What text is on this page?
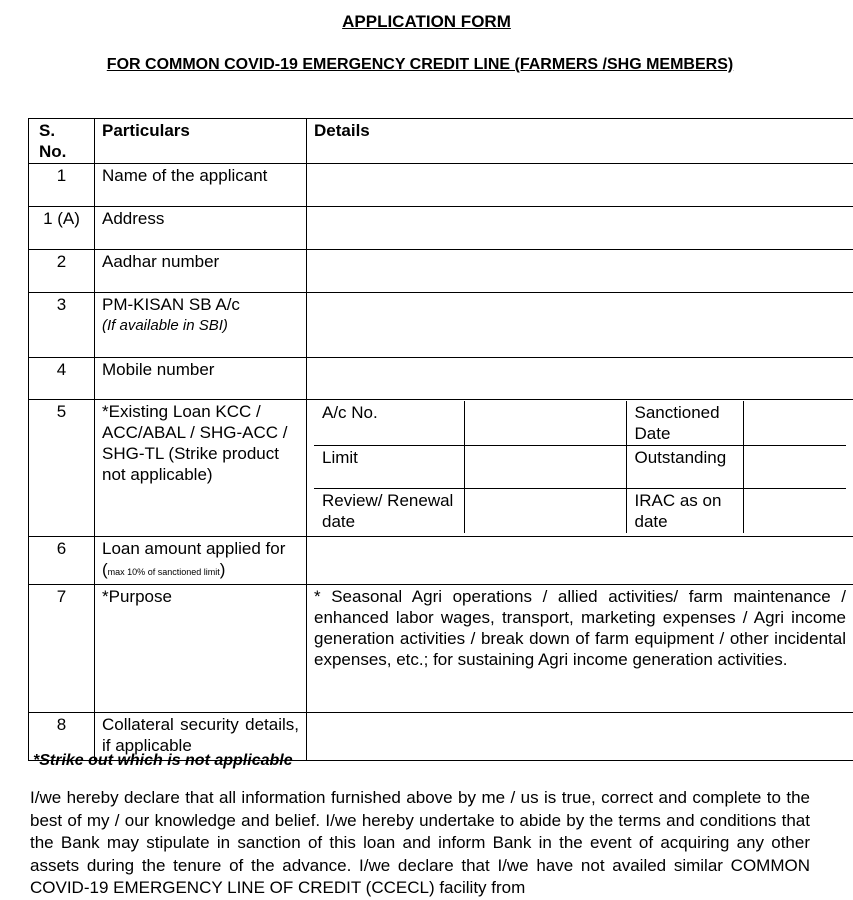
APPLICATION FORM
FOR COMMON COVID-19 EMERGENCY CREDIT LINE (FARMERS /SHG MEMBERS)
S. No.	Particulars	Details
1	Name of the applicant	
1 (A)	Address	
2	Aadhar number	
3	PM-KISAN SB A/c
(If available in SBI)

4	Mobile number	
5	*Existing Loan KCC / ACC/ABAL / SHG-ACC / SHG-TL (Strike product not applicable)	
A/c No.		Sanctioned Date	
Limit		Outstanding	
Review/ Renewal date		IRAC as on date	

6	Loan amount applied for (max 10% of sanctioned limit)	
7	*Purpose	* Seasonal Agri operations / allied activities/ farm maintenance / enhanced labor wages, transport, marketing expenses / Agri income generation activities / break down of farm equipment / other incidental expenses, etc.; for sustaining Agri income generation activities.
8	Collateral security details, if applicable	
*Strike out which is not applicable
I/we hereby declare that all information furnished above by me / us is true, correct and complete to the best of my / our knowledge and belief. I/we hereby undertake to abide by the terms and conditions that the Bank may stipulate in sanction of this loan and inform Bank in the event of acquiring any other assets during the tenure of the advance. I/we declare that I/we have not availed similar COMMON COVID-19 EMERGENCY LINE OF CREDIT (CCECL) facility from
